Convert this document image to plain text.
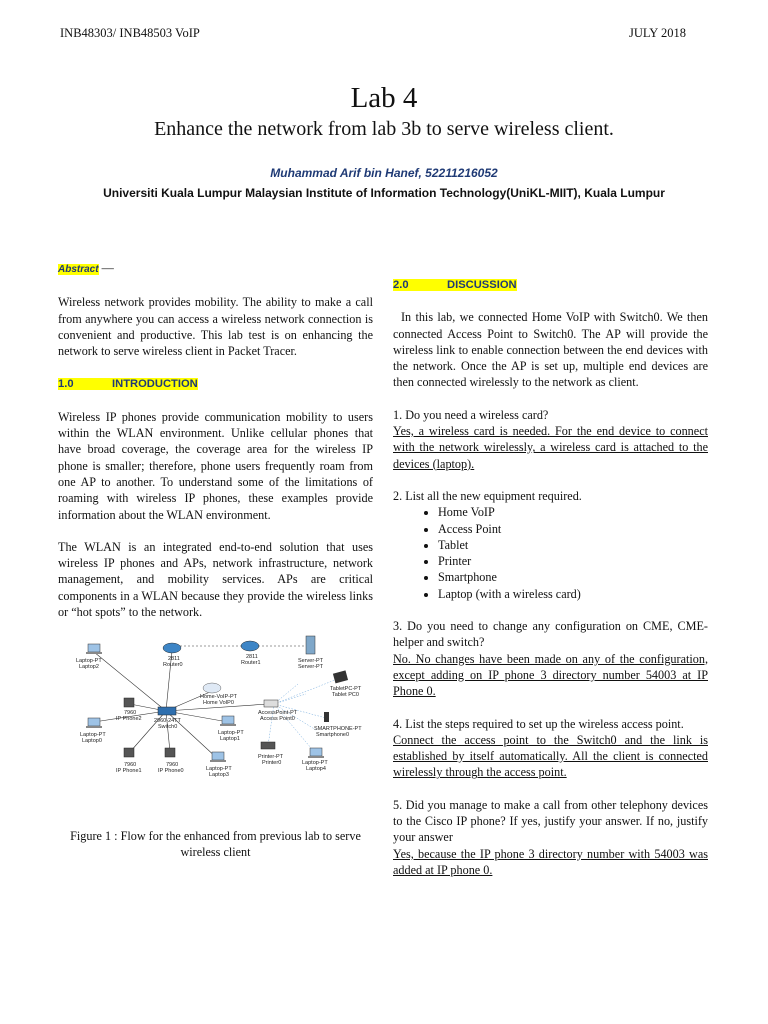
INB48303/ INB48503 VoIP	JULY 2018
Lab 4
Enhance the network from lab 3b to serve wireless client.
Muhammad Arif bin Hanef, 52211216052
Universiti Kuala Lumpur Malaysian Institute of Information Technology(UniKL-MIIT), Kuala Lumpur
Abstract —

Wireless network provides mobility. The ability to make a call from anywhere you can access a wireless network connection is convenient and productive. This lab test is on enhancing the network to serve wireless client in Packet Tracer.

1.0	INTRODUCTION

Wireless IP phones provide communication mobility to users within the WLAN environment. Unlike cellular phones that have broad coverage, the coverage area for the wireless IP phone is smaller; therefore, phone users frequently roam from one AP to another. To understand some of the limitations of roaming with wireless IP phones, these examples provide information about the WLAN environment.

The WLAN is an integrated end-to-end solution that uses wireless IP phones and APs, network infrastructure, network management, and mobility services. APs are critical components in a WLAN because they provide the wireless links or “hot spots” to the network.

Laptop-PT
Laptop2
2811
Router0
2811
Router1	Server-PT
Server-PT
Home-VoIP-PT
Home VoIP0
TabletPC-PT
Tablet PC0
7960
IP Phone2 2960-24TT
Switch0
AccessPoint-PT
Access Point0
Laptop-PT
Laptop0
Laptop-PT
Laptop1
SMARTPHONE-PT
Smartphone0
Printer-PT
Printer0
7960
IP Phone1
7960
IP Phone0	Laptop-PT
Laptop3
Laptop-PT
Laptop4
Figure 1 : Flow for the enhanced from previous lab to serve wireless client
2.0	DISCUSSION

In this lab, we connected Home VoIP with Switch0. We then connected Access Point to Switch0. The AP will provide the wireless link to enable connection between the end devices with the network. Once the AP is set up, multiple end devices are then connected wirelessly to the network as client.

1. Do you need a wireless card?

Yes, a wireless card is needed. For the end device to connect with the network wirelessly, a wireless card is attached to the devices (laptop).

2. List all the new equipment required.

• Home VoIP
• Access Point
• Tablet
• Printer
• Smartphone
• Laptop (with a wireless card)

3. Do you need to change any configuration on CME, CME-helper and switch?

No. No changes have been made on any of the configuration, except adding on IP phone 3 directory number 54003 at IP Phone 0.

4. List the steps required to set up the wireless access point.

Connect the access point to the Switch0 and the link is established by itself automatically. All the client is connected wirelessly through the access point.

5. Did you manage to make a call from other telephony devices to the Cisco IP phone? If yes, justify your answer. If no, justify your answer

Yes, because the IP phone 3 directory number with 54003 was added at IP phone 0.
